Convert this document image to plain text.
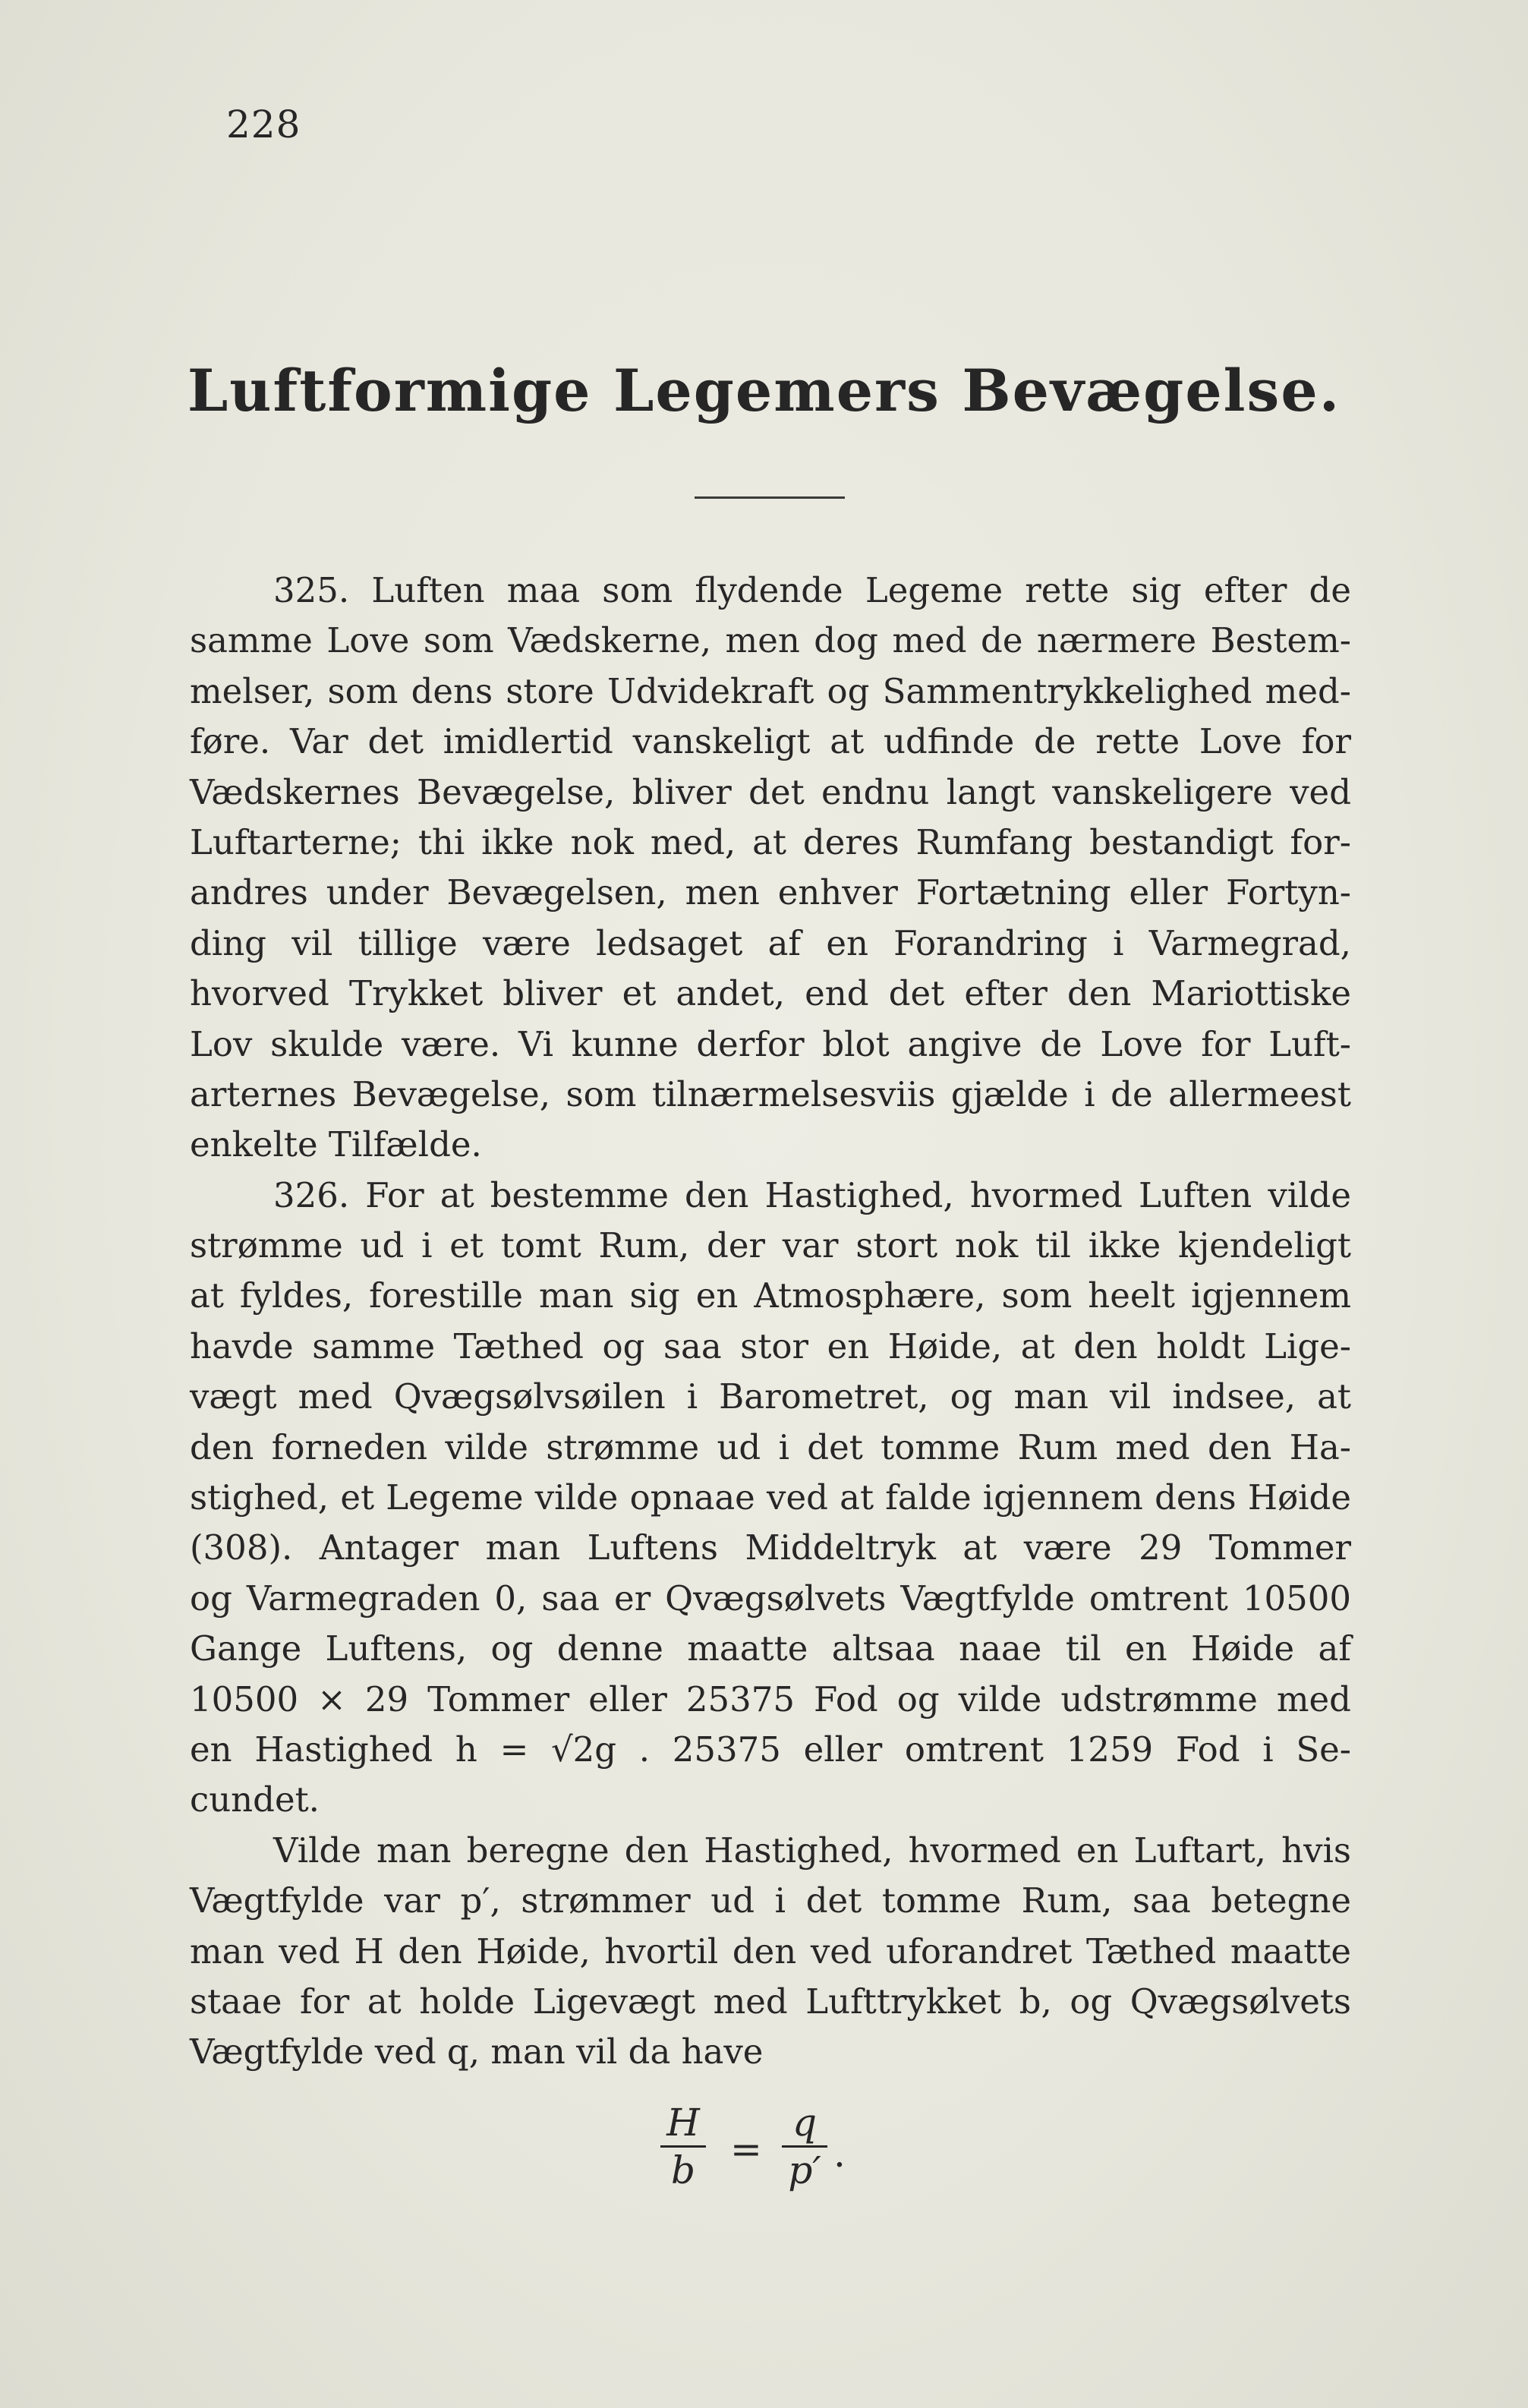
228
Luftformige Legemers Bevægelse.
325. Luften maa som flydende Legeme rette sig efter de
samme Love som Vædskerne, men dog med de nærmere Bestem-
melser, som dens store Udvidekraft og Sammentrykkelighed med-
føre. Var det imidlertid vanskeligt at udfinde de rette Love for
Vædskernes Bevægelse, bliver det endnu langt vanskeligere ved
Luftarterne; thi ikke nok med, at deres Rumfang bestandigt for-
andres under Bevægelsen, men enhver Fortætning eller Fortyn-
ding vil tillige være ledsaget af en Forandring i Varmegrad,
hvorved Trykket bliver et andet, end det efter den Mariottiske
Lov skulde være. Vi kunne derfor blot angive de Love for Luft-
arternes Bevægelse, som tilnærmelsesviis gjælde i de allermeest
enkelte Tilfælde.
326. For at bestemme den Hastighed, hvormed Luften vilde
strømme ud i et tomt Rum, der var stort nok til ikke kjendeligt
at fyldes, forestille man sig en Atmosphære, som heelt igjennem
havde samme Tæthed og saa stor en Høide, at den holdt Lige-
vægt med Qvægsølvsøilen i Barometret, og man vil indsee, at
den forneden vilde strømme ud i det tomme Rum med den Ha-
stighed, et Legeme vilde opnaae ved at falde igjennem dens Høide
(308). Antager man Luftens Middeltryk at være 29 Tommer
og Varmegraden 0, saa er Qvægsølvets Vægtfylde omtrent 10500
Gange Luftens, og denne maatte altsaa naae til en Høide af
10500 × 29 Tommer eller 25375 Fod og vilde udstrømme med
en Hastighed h = √2g . 25375 eller omtrent 1259 Fod i Se-
cundet.
Vilde man beregne den Hastighed, hvormed en Luftart, hvis
Vægtfylde var p′, strømmer ud i det tomme Rum, saa betegne
man ved H den Høide, hvortil den ved uforandret Tæthed maatte
staae for at holde Ligevægt med Lufttrykket b, og Qvægsølvets
Vægtfylde ved q, man vil da have
H
b =
q
p′ .
